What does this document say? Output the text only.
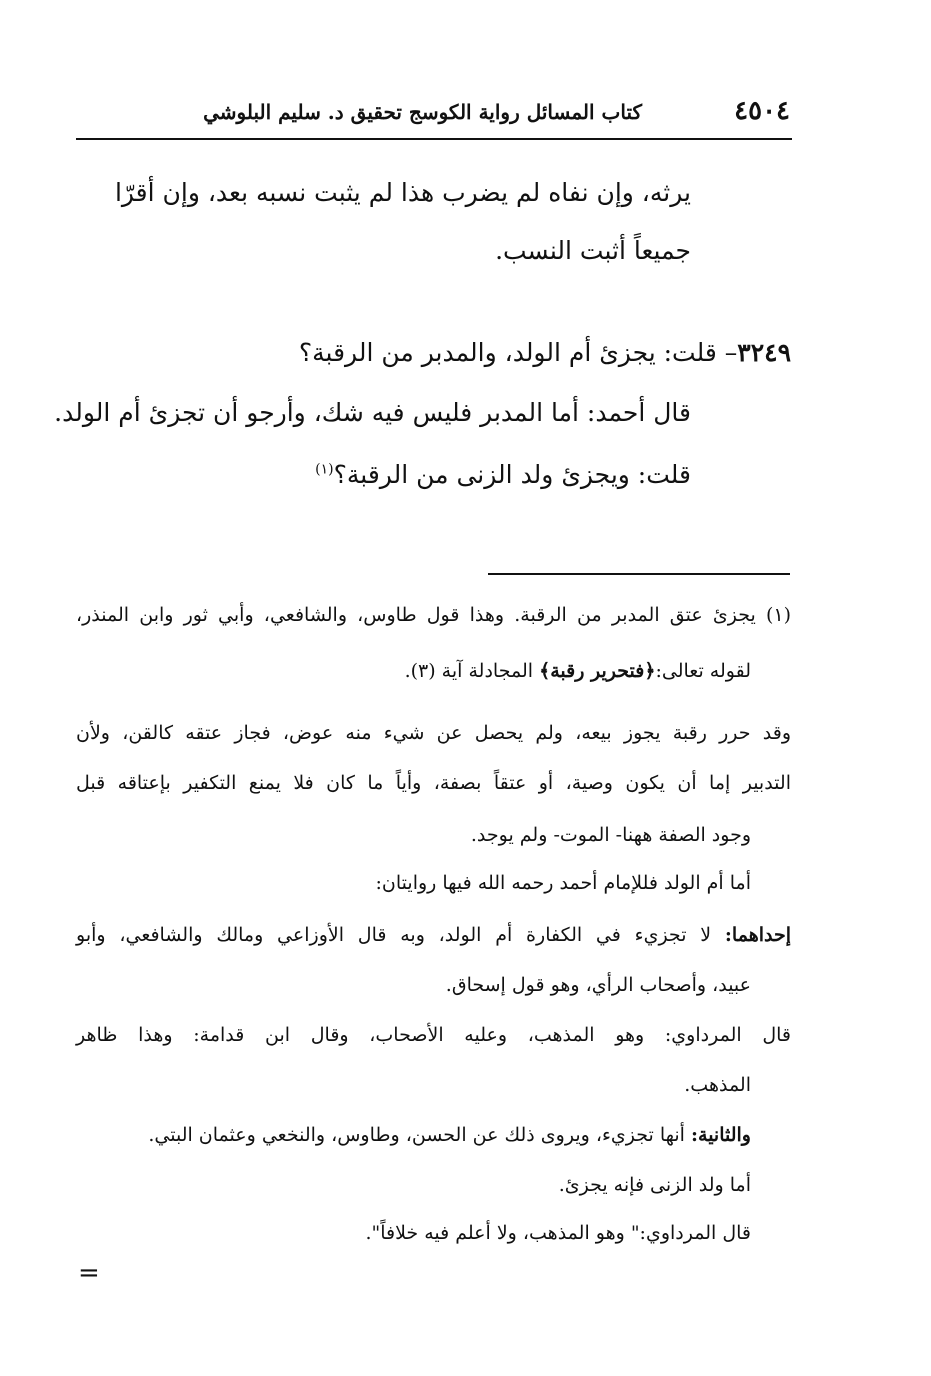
٤٥٠٤
كتاب المسائل رواية الكوسج تحقيق د. سليم البلوشي
يرثه، وإن نفاه لم يضرب هذا لم يثبت نسبه بعد، وإن أقرّا
جميعاً أثبت النسب.
٣٢٤٩– قلت: يجزئ أم الولد، والمدبر من الرقبة؟
قال أحمد: أما المدبر فليس فيه شك، وأرجو أن تجزئ أم الولد.
قلت: ويجزئ ولد الزنى من الرقبة؟$^{(١)}$
(١) يجزئ عتق المدبر من الرقبة. وهذا قول طاوس، والشافعي، وأبي ثور وابن المنذر،
لقوله تعالى:﴿فتحرير رقبة﴾ المجادلة آية (٣).
وقد حرر رقبة يجوز بيعه، ولم يحصل عن شيء منه عوض، فجاز عتقه كالقن، ولأن
التدبير إما أن يكون وصية، أو عتقاً بصفة، وأياً ما كان فلا يمنع التكفير بإعتاقه قبل
وجود الصفة ههنا- الموت- ولم يوجد.
أما أم الولد فللإمام أحمد رحمه الله فيها روايتان:
إحداهما: لا تجزيء في الكفارة أم الولد، وبه قال الأوزاعي ومالك والشافعي، وأبو
عبيد، وأصحاب الرأي، وهو قول إسحاق.
قال المرداوي: وهو المذهب، وعليه الأصحاب، وقال ابن قدامة: وهذا ظاهر
المذهب.
والثانية: أنها تجزيء، ويروى ذلك عن الحسن، وطاوس، والنخعي وعثمان البتي.
أما ولد الزنى فإنه يجزئ.
قال المرداوي:" وهو المذهب، ولا أعلم فيه خلافاً".
=
